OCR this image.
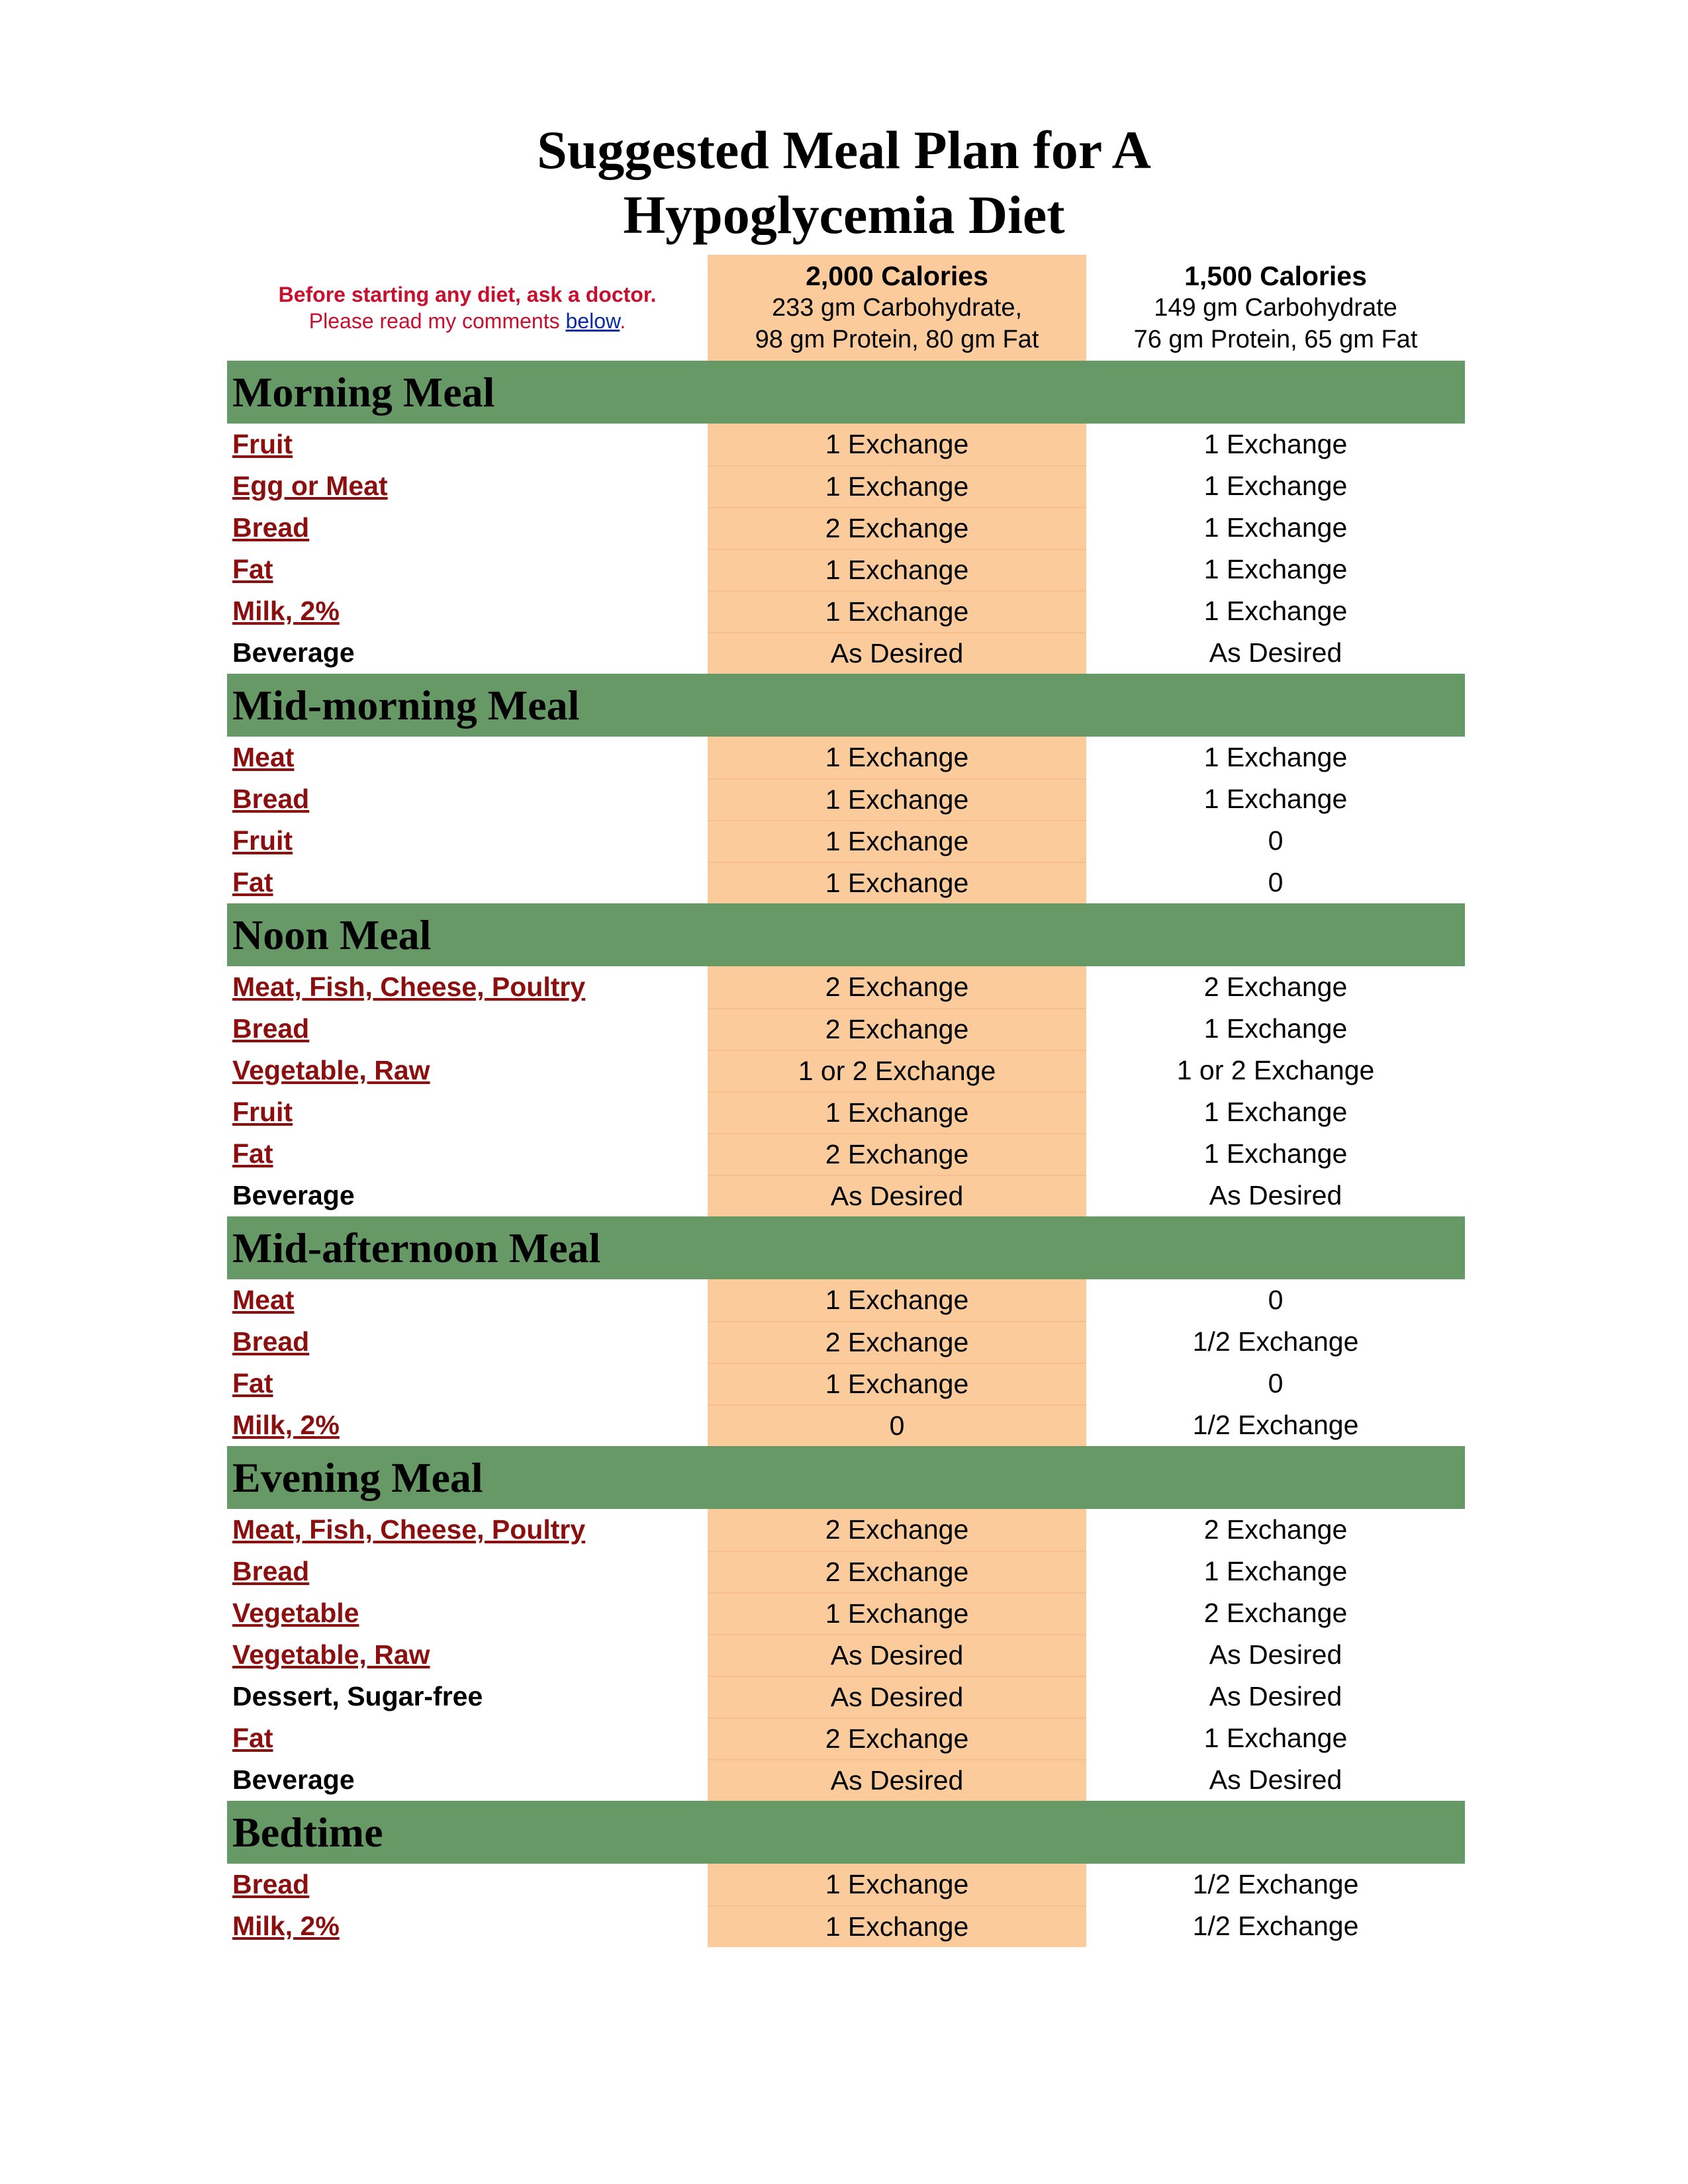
Suggested Meal Plan for A
Hypoglycemia Diet
Before starting any diet, ask a doctor.
Please read my comments below.
2,000 Calories
233 gm Carbohydrate,
98 gm Protein, 80 gm Fat
1,500 Calories
149 gm Carbohydrate
76 gm Protein, 65 gm Fat
Morning Meal
Fruit	1 Exchange	1 Exchange
Egg or Meat	1 Exchange	1 Exchange
Bread	2 Exchange	1 Exchange
Fat	1 Exchange	1 Exchange
Milk, 2%	1 Exchange	1 Exchange
Beverage	As Desired	As Desired
Mid-morning Meal
Meat	1 Exchange	1 Exchange
Bread	1 Exchange	1 Exchange
Fruit	1 Exchange	0
Fat	1 Exchange	0
Noon Meal
Meat, Fish, Cheese, Poultry	2 Exchange	2 Exchange
Bread	2 Exchange	1 Exchange
Vegetable, Raw	1 or 2 Exchange	1 or 2 Exchange
Fruit	1 Exchange	1 Exchange
Fat	2 Exchange	1 Exchange
Beverage	As Desired	As Desired
Mid-afternoon Meal
Meat	1 Exchange	0
Bread	2 Exchange	1/2 Exchange
Fat	1 Exchange	0
Milk, 2%	0	1/2 Exchange
Evening Meal
Meat, Fish, Cheese, Poultry	2 Exchange	2 Exchange
Bread	2 Exchange	1 Exchange
Vegetable	1 Exchange	2 Exchange
Vegetable, Raw	As Desired	As Desired
Dessert, Sugar-free	As Desired	As Desired
Fat	2 Exchange	1 Exchange
Beverage	As Desired	As Desired
Bedtime
Bread	1 Exchange	1/2 Exchange
Milk, 2%	1 Exchange	1/2 Exchange
